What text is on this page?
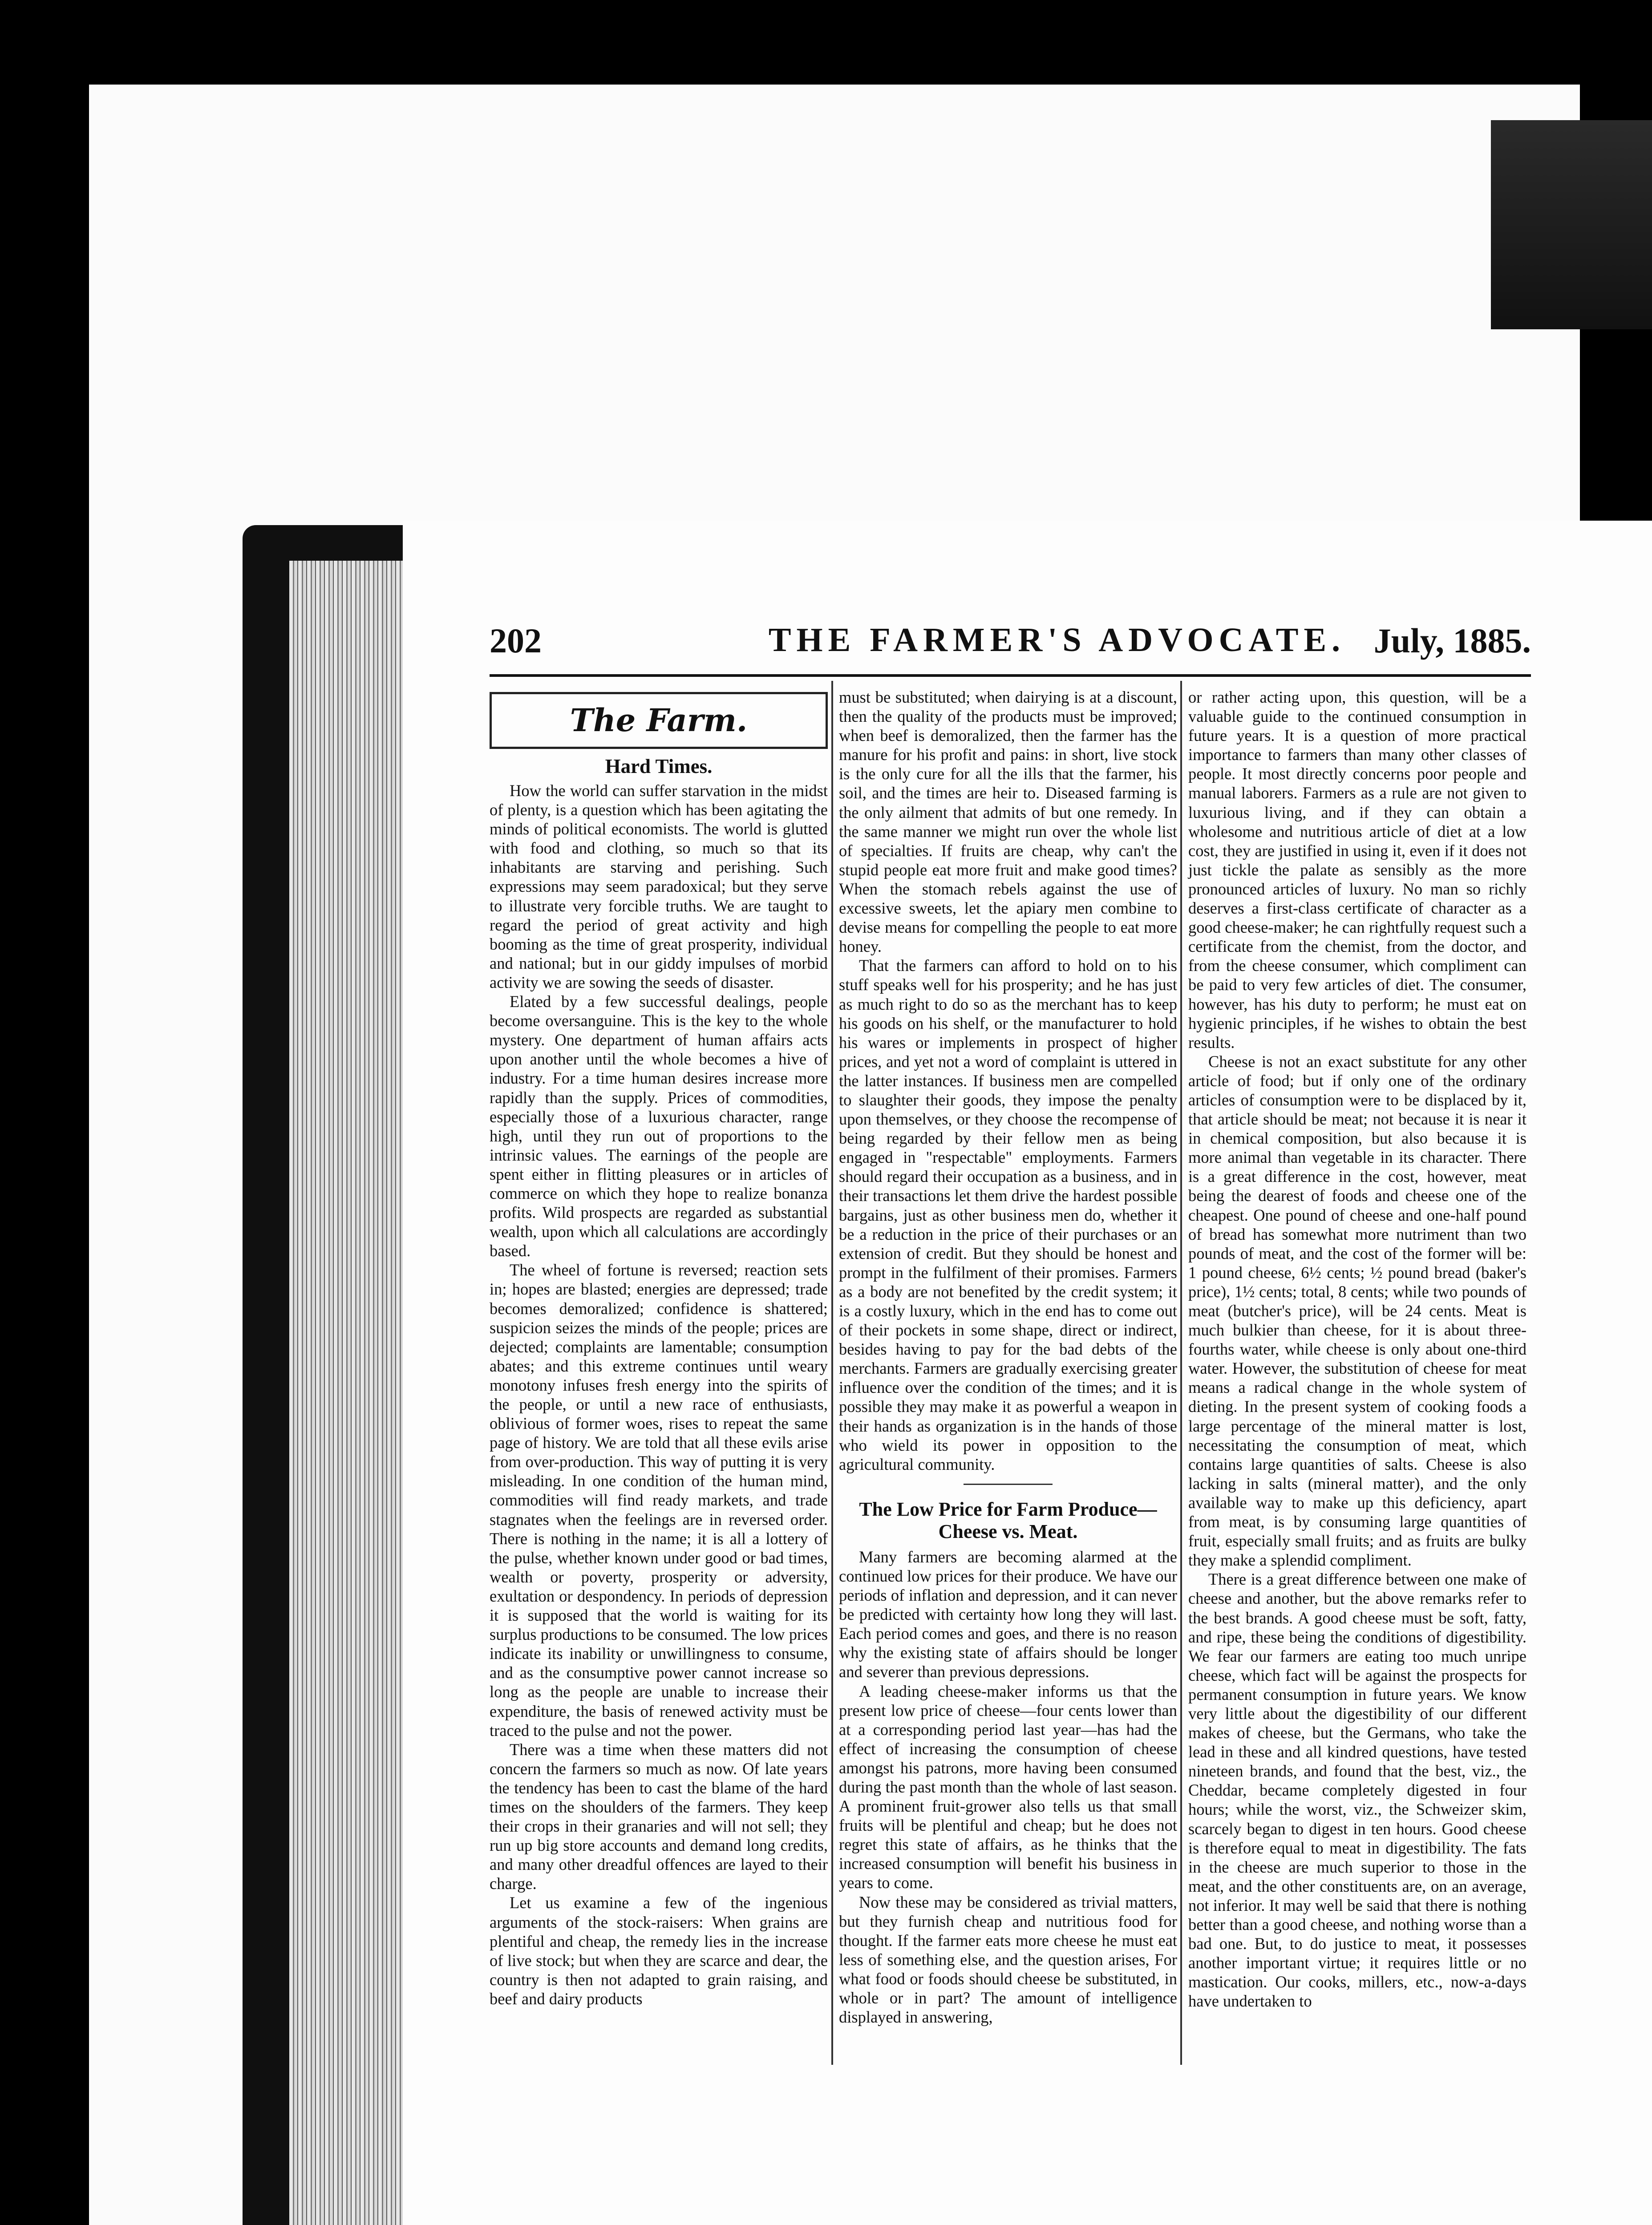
202	THE FARMER'S ADVOCATE. July, 1885.
The Farm.
Hard Times.

How the world can suffer starvation in the midst of plenty, is a question which has been agitating the minds of political economists. The world is glutted with food and clothing, so much so that its inhabitants are starving and perishing. Such expressions may seem paradoxical; but they serve to illustrate very forcible truths. We are taught to regard the period of great activity and high booming as the time of great prosperity, individual and national; but in our giddy impulses of morbid activity we are sowing the seeds of disaster.

Elated by a few successful dealings, people become oversanguine. This is the key to the whole mystery. One department of human affairs acts upon another until the whole becomes a hive of industry. For a time human desires increase more rapidly than the supply. Prices of commodities, especially those of a luxurious character, range high, until they run out of proportions to the intrinsic values. The earnings of the people are spent either in flitting pleasures or in articles of commerce on which they hope to realize bonanza profits. Wild prospects are regarded as substantial wealth, upon which all calculations are accordingly based.

The wheel of fortune is reversed; reaction sets in; hopes are blasted; energies are depressed; trade becomes demoralized; confidence is shattered; suspicion seizes the minds of the people; prices are dejected; complaints are lamentable; consumption abates; and this extreme continues until weary monotony infuses fresh energy into the spirits of the people, or until a new race of enthusiasts, oblivious of former woes, rises to repeat the same page of history. We are told that all these evils arise from over-production. This way of putting it is very misleading. In one condition of the human mind, commodities will find ready markets, and trade stagnates when the feelings are in reversed order. There is nothing in the name; it is all a lottery of the pulse, whether known under good or bad times, wealth or poverty, prosperity or adversity, exultation or despondency. In periods of depression it is supposed that the world is waiting for its surplus productions to be consumed. The low prices indicate its inability or unwillingness to consume, and as the consumptive power cannot increase so long as the people are unable to increase their expenditure, the basis of renewed activity must be traced to the pulse and not the power.

There was a time when these matters did not concern the farmers so much as now. Of late years the tendency has been to cast the blame of the hard times on the shoulders of the farmers. They keep their crops in their granaries and will not sell; they run up big store accounts and demand long credits, and many other dreadful offences are layed to their charge.

Let us examine a few of the ingenious arguments of the stock-raisers: When grains are plentiful and cheap, the remedy lies in the increase of live stock; but when they are scarce and dear, the country is then not adapted to grain raising, and beef and dairy products

must be substituted; when dairying is at a discount, then the quality of the products must be improved; when beef is demoralized, then the farmer has the manure for his profit and pains: in short, live stock is the only cure for all the ills that the farmer, his soil, and the times are heir to. Diseased farming is the only ailment that admits of but one remedy. In the same manner we might run over the whole list of specialties. If fruits are cheap, why can't the stupid people eat more fruit and make good times? When the stomach rebels against the use of excessive sweets, let the apiary men combine to devise means for compelling the people to eat more honey.

That the farmers can afford to hold on to his stuff speaks well for his prosperity; and he has just as much right to do so as the merchant has to keep his goods on his shelf, or the manufacturer to hold his wares or implements in prospect of higher prices, and yet not a word of complaint is uttered in the latter instances. If business men are compelled to slaughter their goods, they impose the penalty upon themselves, or they choose the recompense of being regarded by their fellow men as being engaged in "respectable" employments. Farmers should regard their occupation as a business, and in their transactions let them drive the hardest possible bargains, just as other business men do, whether it be a reduction in the price of their purchases or an extension of credit. But they should be honest and prompt in the fulfilment of their promises. Farmers as a body are not benefited by the credit system; it is a costly luxury, which in the end has to come out of their pockets in some shape, direct or indirect, besides having to pay for the bad debts of the merchants. Farmers are gradually exercising greater influence over the condition of the times; and it is possible they may make it as powerful a weapon in their hands as organization is in the hands of those who wield its power in opposition to the agricultural community.

The Low Price for Farm Produce— Cheese vs. Meat.

Many farmers are becoming alarmed at the continued low prices for their produce. We have our periods of inflation and depression, and it can never be predicted with certainty how long they will last. Each period comes and goes, and there is no reason why the existing state of affairs should be longer and severer than previous depressions.

A leading cheese-maker informs us that the present low price of cheese—four cents lower than at a corresponding period last year—has had the effect of increasing the consumption of cheese amongst his patrons, more having been consumed during the past month than the whole of last season. A prominent fruit-grower also tells us that small fruits will be plentiful and cheap; but he does not regret this state of affairs, as he thinks that the increased consumption will benefit his business in years to come.

Now these may be considered as trivial matters, but they furnish cheap and nutritious food for thought. If the farmer eats more cheese he must eat less of something else, and the question arises, For what food or foods should cheese be substituted, in whole or in part? The amount of intelligence displayed in answering,

or rather acting upon, this question, will be a valuable guide to the continued consumption in future years. It is a question of more practical importance to farmers than many other classes of people. It most directly concerns poor people and manual laborers. Farmers as a rule are not given to luxurious living, and if they can obtain a wholesome and nutritious article of diet at a low cost, they are justified in using it, even if it does not just tickle the palate as sensibly as the more pronounced articles of luxury. No man so richly deserves a first-class certificate of character as a good cheese-maker; he can rightfully request such a certificate from the chemist, from the doctor, and from the cheese consumer, which compliment can be paid to very few articles of diet. The consumer, however, has his duty to perform; he must eat on hygienic principles, if he wishes to obtain the best results.

Cheese is not an exact substitute for any other article of food; but if only one of the ordinary articles of consumption were to be displaced by it, that article should be meat; not because it is near it in chemical composition, but also because it is more animal than vegetable in its character. There is a great difference in the cost, however, meat being the dearest of foods and cheese one of the cheapest. One pound of cheese and one-half pound of bread has somewhat more nutriment than two pounds of meat, and the cost of the former will be: 1 pound cheese, 6½ cents; ½ pound bread (baker's price), 1½ cents; total, 8 cents; while two pounds of meat (butcher's price), will be 24 cents. Meat is much bulkier than cheese, for it is about three-fourths water, while cheese is only about one-third water. However, the substitution of cheese for meat means a radical change in the whole system of dieting. In the present system of cooking foods a large percentage of the mineral matter is lost, necessitating the consumption of meat, which contains large quantities of salts. Cheese is also lacking in salts (mineral matter), and the only available way to make up this deficiency, apart from meat, is by consuming large quantities of fruit, especially small fruits; and as fruits are bulky they make a splendid compliment.

There is a great difference between one make of cheese and another, but the above remarks refer to the best brands. A good cheese must be soft, fatty, and ripe, these being the conditions of digestibility. We fear our farmers are eating too much unripe cheese, which fact will be against the prospects for permanent consumption in future years. We know very little about the digestibility of our different makes of cheese, but the Germans, who take the lead in these and all kindred questions, have tested nineteen brands, and found that the best, viz., the Cheddar, became completely digested in four hours; while the worst, viz., the Schweizer skim, scarcely began to digest in ten hours. Good cheese is therefore equal to meat in digestibility. The fats in the cheese are much superior to those in the meat, and the other constituents are, on an average, not inferior. It may well be said that there is nothing better than a good cheese, and nothing worse than a bad one. But, to do justice to meat, it possesses another important virtue; it requires little or no mastication. Our cooks, millers, etc., now-a-days have undertaken to
